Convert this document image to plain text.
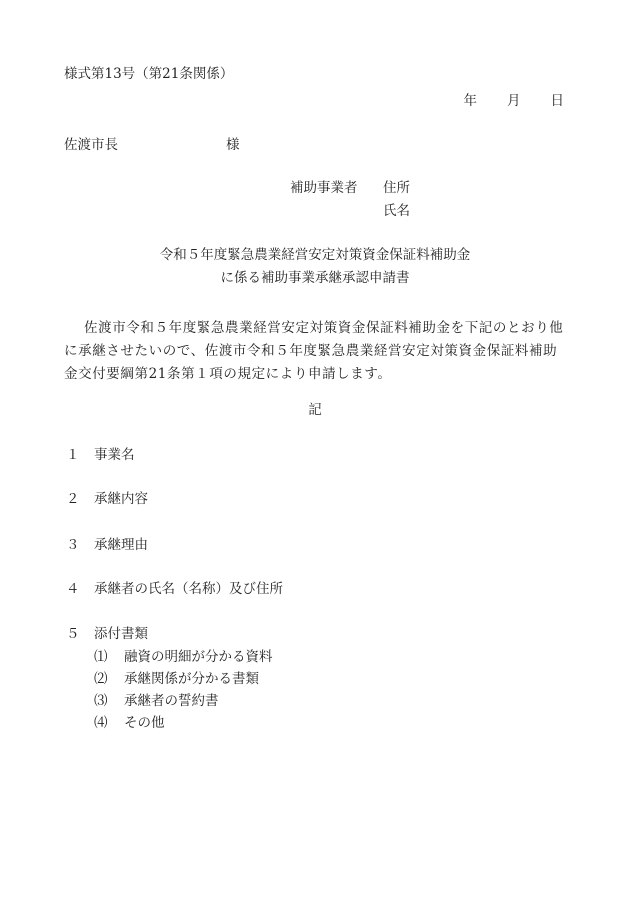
様式第13号（第21条関係）
年 月 日
佐渡市長	様
補助事業者 住所
氏名
令和５年度緊急農業経営安定対策資金保証料補助金
に係る補助事業承継承認申請書

佐渡市令和５年度緊急農業経営安定対策資金保証料補助金を下記のとおり他に承継させたいので、佐渡市令和５年度緊急農業経営安定対策資金保証料補助金交付要綱第21条第１項の規定により申請します。

記
１ 事業名
２ 承継内容
３ 承継理由
４ 承継者の氏名（名称）及び住所
５ 添付書類
⑴ 融資の明細が分かる資料
⑵ 承継関係が分かる書類
⑶ 承継者の誓約書
⑷ その他
